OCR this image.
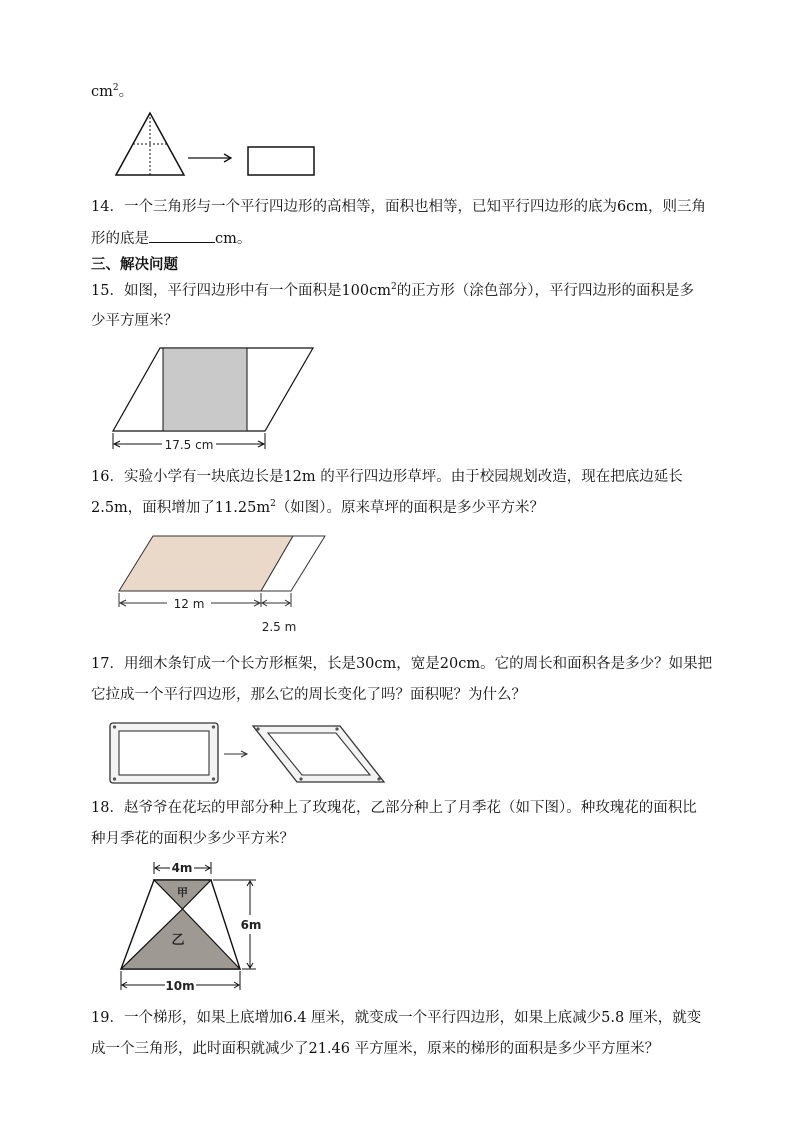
$cm^2$。
14．一个三角形与一个平行四边形的高相等，面积也相等，已知平行四边形的底为6cm，则三角
形的底是	cm。
三、解决问题
15．如图，平行四边形中有一个面积是$100cm^2$的正方形（涂色部分），平行四边形的面积是多
少平方厘米？
17.5 cm
16．实验小学有一块底边长是12m 的平行四边形草坪。由于校园规划改造，现在把底边延长
2.5m，面积增加了$11.25m^2$（如图）。原来草坪的面积是多少平方米？
12 m
2.5 m
17．用细木条钉成一个长方形框架，长是30cm，宽是20cm。它的周长和面积各是多少？如果把
它拉成一个平行四边形，那么它的周长变化了吗？面积呢？为什么？
18．赵爷爷在花坛的甲部分种上了玫瑰花，乙部分种上了月季花（如下图）。种玫瑰花的面积比
种月季花的面积少多少平方米？
4m
甲
乙
6m
10m
19．一个梯形，如果上底增加6.4 厘米，就变成一个平行四边形，如果上底减少5.8 厘米，就变
成一个三角形，此时面积就减少了21.46 平方厘米，原来的梯形的面积是多少平方厘米？
